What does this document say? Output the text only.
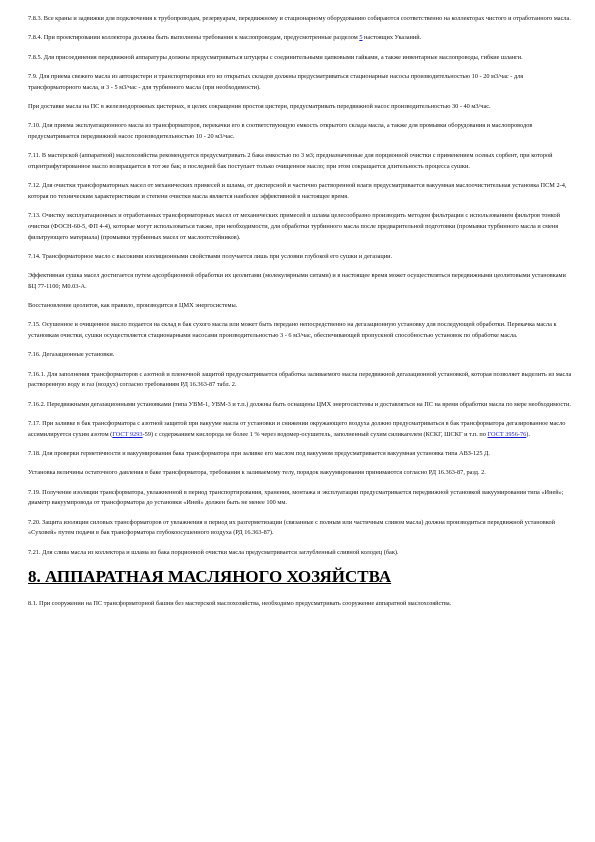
7.8.3. Все краны и задвижки для подключения к трубопроводам, резервуарам, передвижному и стационарному оборудованию собираются соответственно на коллекторах чистого и отработанного масла.

7.8.4. При проектировании коллектора должны быть выполнены требования к маслопроводам, предусмотренные разделом 5 настоящих Указаний.

7.8.5. Для присоединения передвижной аппаратуры должны предусматриваться штуцеры с соединительными цапковыми гайками, а также инвентарные маслопроводы, гибкие шланги.

7.9. Для приема свежего масла из автоцистерн и транспортировки его из открытых складов должны предусматриваться стационарные насосы производительностью 10 - 20 м3/час - для трансформаторного масла, и 3 - 5 м3/час - для турбинного масла (при необходимости).

При доставке масла на ПС в железнодорожных цистернах, в целях сокращения простоя цистерн, предусматривать передвижной насос производительностью 30 - 40 м3/час.

7.10. Для приема эксплуатационного масла из трансформаторов, перекачки его в соответствующую емкость открытого склада масла, а также для промывки оборудования и маслопроводов предусматривается передвижной насос производительностью 10 - 20 м3/час.

7.11. В мастерской (аппаратной) маслохозяйства рекомендуется предусматривать 2 бака емкостью по 3 м3; предназначенные для порционной очистки с применением осевых сорбент, при которой отцентрифугированное масло возвращается в тот же бак; в последней бак поступает только очищенное масло; при этом сокращается длительность процесса сушки.

7.12. Для очистки трансформаторных масел от механических примесей и шлама, от дисперсной и частично растворенной влаги предусматривается вакуумная маслоочистительная установка ПСМ 2-4, которая по техническим характеристикам и степени очистки масла является наиболее эффективной в настоящее время.

7.13. Очистку эксплуатационных и отработанных трансформаторных масел от механических примесей и шлама целесообразно производить методом фильтрации с использованием фильтров тонкой очистки (ФОСН-60-5, ФП 4-4), которые могут использоваться также, при необходимости, для обработки турбинного масла после предварительной подготовки (промывки турбинного масла и сменя фильтрующего материала) (промывки турбинных масел от маслоотстойников).

7.14. Трансформаторное масло с высокими изоляционными свойствами получается лишь при условии глубокой его сушки и дегазации.

Эффективная сушка масел достигается путем адсорбционной обработки их цеолитами (молекулярными ситами) и в настоящее время может осуществляться передвижными цеолитовыми установками БЦ 77-1100; М0.03-А.

Восстановление цеолитов, как правило, производится в ЦМХ энергосистемы.

7.15. Осушенное и очищенное масло подается на склад в бак сухого масла или может быть передано непосредственно на дегазационную установку для последующей обработки. Перекачка масла к установкам очистки, сушки осуществляется стационарными насосами производительностью 3 - 6 м3/час, обеспечивающей пропускной способностью установок по обработке масла.

7.16. Дегазационные установки.

7.16.1. Для заполнения трансформаторов с азотной и пленочной защитой предусматривается обработка заливаемого масла передвижной дегазационной установкой, которая позволяет выделить из масла растворенную воду и газ (воздух) согласно требованиям РД 16.363-87 табл. 2.

7.16.2. Передвижными дегазационными установками (типа УВМ-1, УВМ-3 и т.п.) должны быть оснащены ЦМХ энергосистемы и доставляться на ПС на время обработки масла по мере необходимости.

7.17. При заливке в бак трансформатора с азотной защитой при вакууме масла от установки и снижении окружающего воздуха должно предусматриваться в бак трансформатора дегазированное масло ассимилируется сухим азотом (ГОСТ 9293-59) с содержанием кислорода не более 1 % через водомер-осушитель, заполненный сухим силикагелем (КСКГ, ШСКГ и т.п. по ГОСТ 3956-76).

7.18. Для проверки герметичности и вакуумирования бака трансформатора при заливке его маслом под вакуумом предусматривается вакуумная установка типа АВЗ-125 Д.

Установка величины остаточного давления в баке трансформатора, требования к заливаемому телу, порядок вакуумирования принимаются согласно РД 16.363-87, разд. 2.

7.19. Получение изоляции трансформатора, увлажненной в период транспортирования, хранения, монтажа и эксплуатации предусматривается передвижной установкой вакуумирования типа «Иней»; диаметр вакуумпровода от трансформатора до установки «Иней» должен быть не менее 100 мм.

7.20. Защита изоляции силовых трансформаторов от увлажнения в период их разгерметизации (связанные с полным или частичным сливом масла) должна производиться передвижной установкой «Суховей» путем подачи в бак трансформатора глубокоосушенного воздуха (РД 16.363-87).

7.21. Для слива масла из коллектора и шлама из бака порционной очистки масла предусматривается заглубленный сливной колодец (бак).

8. АППАРАТНАЯ МАСЛЯНОГО ХОЗЯЙСТВА

8.1. При сооружении на ПС трансформаторной башни без мастерской маслохозяйства, необходимо предусматривать сооружение аппаратной маслохозяйства.
